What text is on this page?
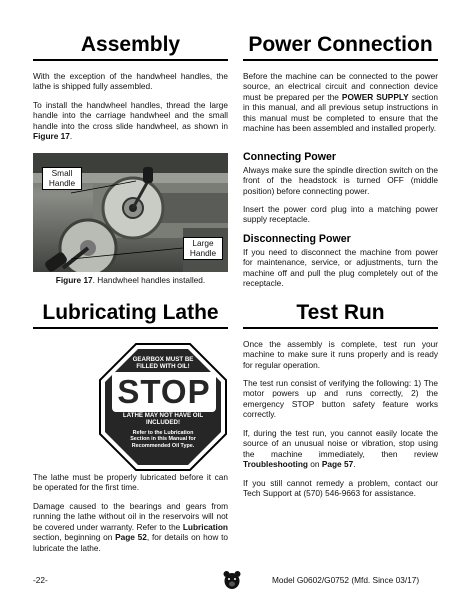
Assembly
With the exception of the handwheel handles, the lathe is shipped fully assembled.
To install the handwheel handles, thread the large handle into the carriage handwheel and the small handle into the cross slide handwheel, as shown in Figure 17.
Small Handle
Large Handle
Figure 17. Handwheel handles installed.
Lubricating Lathe
GEARBOX MUST BE FILLED WITH OIL!
STOP
LATHE MAY NOT HAVE OIL INCLUDED!
Refer to the Lubrication Section in this Manual for Recommended Oil Type.
The lathe must be properly lubricated before it can be operated for the first time.
Damage caused to the bearings and gears from running the lathe without oil in the reservoirs will not be covered under warranty. Refer to the Lubrication section, beginning on Page 52, for details on how to lubricate the lathe.
Power Connection
Before the machine can be connected to the power source, an electrical circuit and connection device must be prepared per the POWER SUPPLY section in this manual, and all previous setup instructions in this manual must be completed to ensure that the machine has been assembled and installed properly.
Connecting Power
Always make sure the spindle direction switch on the front of the headstock is turned OFF (middle position) before connecting power.
Insert the power cord plug into a matching power supply receptacle.
Disconnecting Power
If you need to disconnect the machine from power for maintenance, service, or adjustments, turn the machine off and pull the plug completely out of the receptacle.
Test Run
Once the assembly is complete, test run your machine to make sure it runs properly and is ready for regular operation.
The test run consist of verifying the following: 1) The motor powers up and runs correctly, 2) the emergency STOP button safety feature works correctly.
If, during the test run, you cannot easily locate the source of an unusual noise or vibration, stop using the machine immediately, then review Troubleshooting on Page 57.
If you still cannot remedy a problem, contact our Tech Support at (570) 546-9663 for assistance.
-22-	Model G0602/G0752 (Mfd. Since 03/17)
